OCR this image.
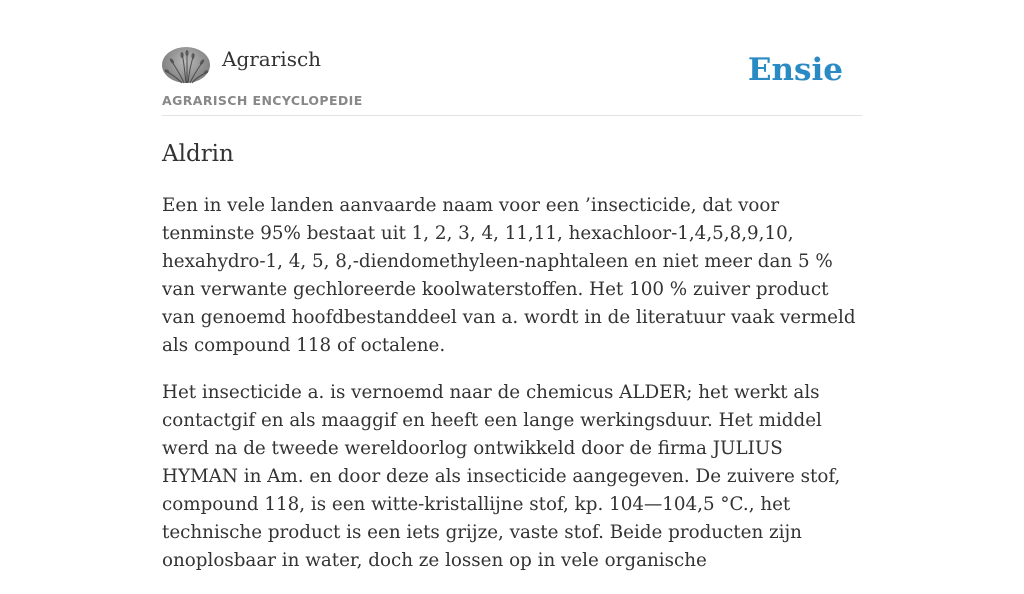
Agrarisch
AGRARISCH ENCYCLOPEDIE
Ensie
Aldrin

Een in vele landen aanvaarde naam voor een ’insecticide, dat voor tenminste 95% bestaat uit 1, 2, 3, 4, 11,11, hexachloor-1,4,5,8,9,10, hexahydro-1, 4, 5, 8,-diendomethyleen-naphtaleen en niet meer dan 5 % van verwante gechloreerde koolwaterstoffen. Het 100 % zuiver product van genoemd hoofdbestanddeel van a. wordt in de literatuur vaak vermeld als compound 118 of octalene.

Het insecticide a. is vernoemd naar de chemicus ALDER; het werkt als contactgif en als maaggif en heeft een lange werkingsduur. Het middel werd na de tweede wereldoorlog ontwikkeld door de firma JULIUS HYMAN in Am. en door deze als insecticide aangegeven. De zuivere stof, compound 118, is een witte-kristallijne stof, kp. 104—104,5 °C., het technische product is een iets grijze, vaste stof. Beide producten zijn onoplosbaar in water, doch ze lossen op in vele organische
